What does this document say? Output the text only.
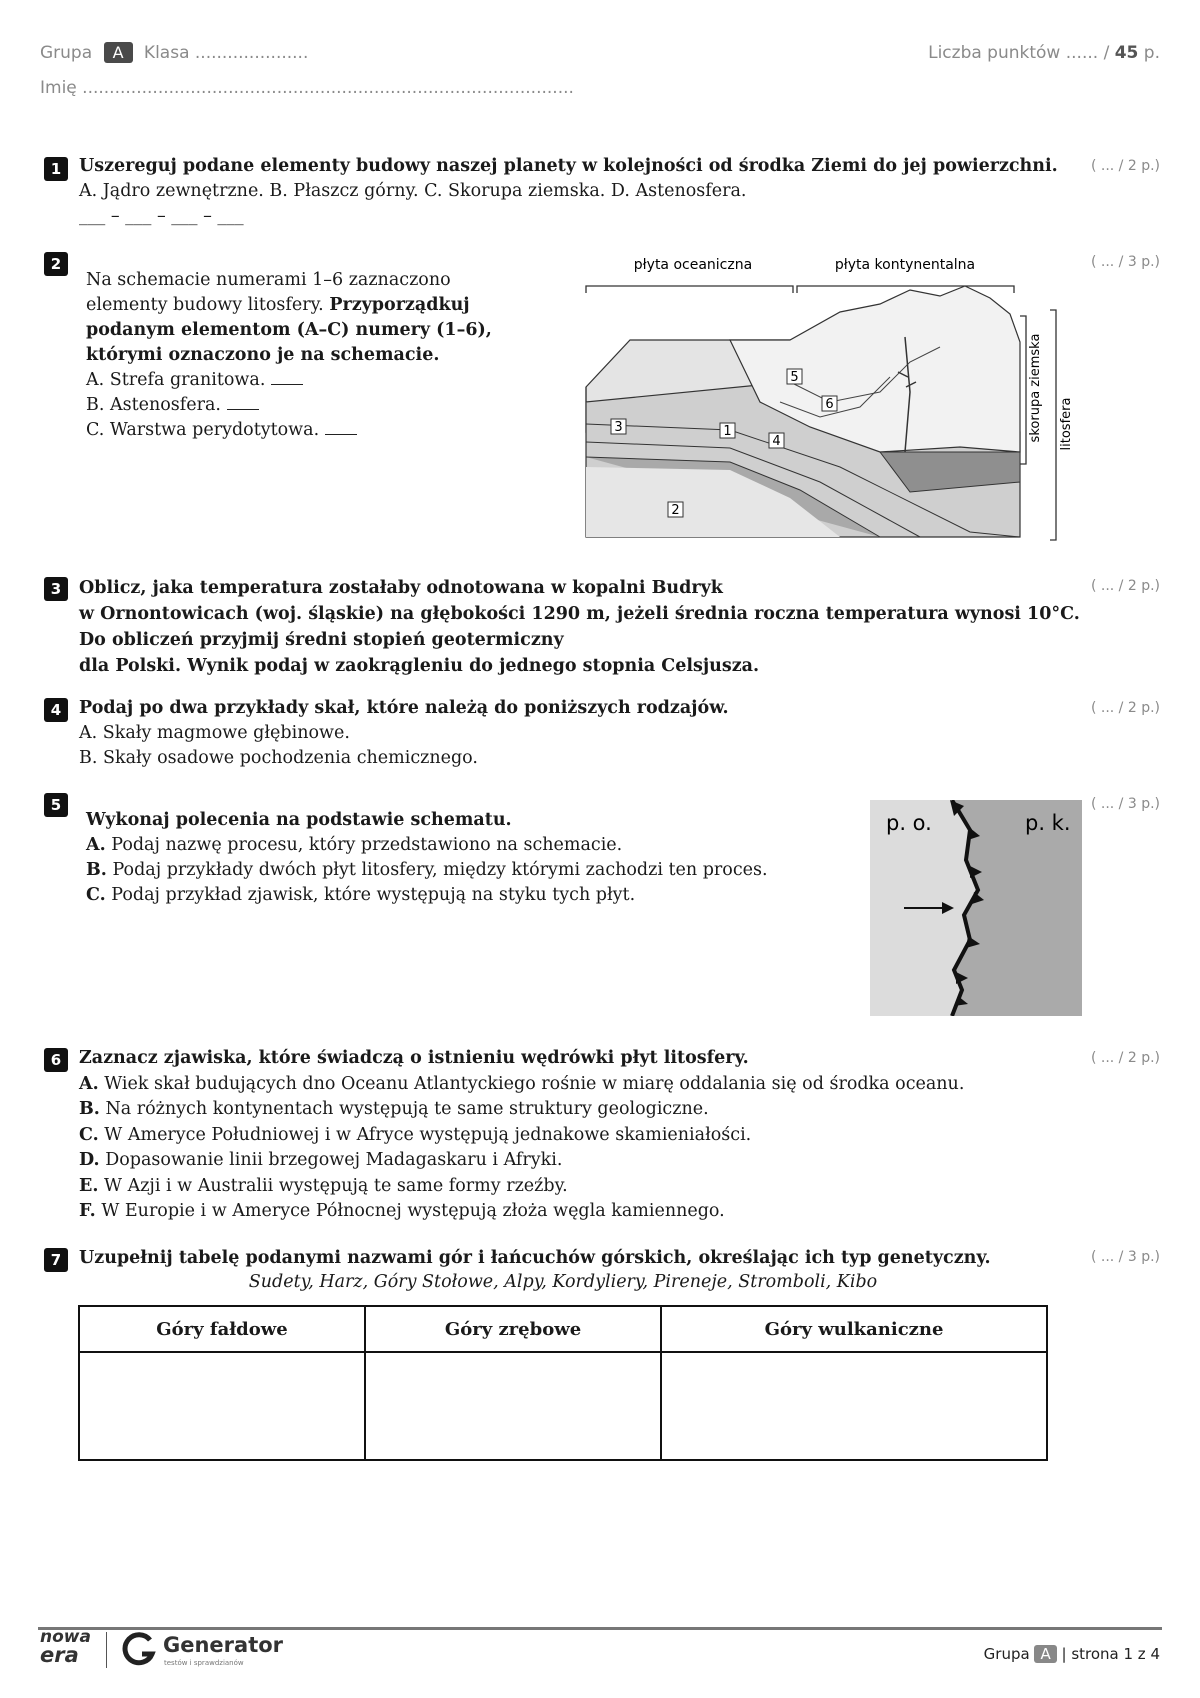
Grupa A Klasa .....................
Imię ...........................................................................................
Liczba punktów ...... / 45 p.
1	( ... / 2 p.)
Uszereguj podane elementy budowy naszej planety w kolejności od środka Ziemi do jej powierzchni.
A. Jądro zewnętrzne. B. Płaszcz górny. C. Skorupa ziemska. D. Astenosfera.
___ – ___ – ___ – ___
2	( ... / 3 p.)
Na schemacie numerami 1–6 zaznaczono
elementy budowy litosfery. Przyporządkuj
podanym elementom (A–C) numery (1–6),
którymi oznaczono je na schemacie.
A. Strefa granitowa.
B. Astenosfera.
C. Warstwa perydotytowa.
płyta oceaniczna	płyta kontynentalna
3	1
4
2
5
6	skorupa ziemska litosfera
3	( ... / 2 p.)
Oblicz, jaka temperatura zostałaby odnotowana w kopalni Budryk
w Ornontowicach (woj. śląskie) na głębokości 1290 m, jeżeli średnia roczna temperatura wynosi 10°C.
Do obliczeń przyjmij średni stopień geotermiczny
dla Polski. Wynik podaj w zaokrągleniu do jednego stopnia Celsjusza.
4	( ... / 2 p.)
Podaj po dwa przykłady skał, które należą do poniższych rodzajów.
A. Skały magmowe głębinowe.
B. Skały osadowe pochodzenia chemicznego.
5	( ... / 3 p.)
Wykonaj polecenia na podstawie schematu.
A. Podaj nazwę procesu, który przedstawiono na schemacie.
B. Podaj przykłady dwóch płyt litosfery, między którymi zachodzi ten proces.
C. Podaj przykład zjawisk, które występują na styku tych płyt.
p. o.	p. k.
6	( ... / 2 p.)
Zaznacz zjawiska, które świadczą o istnieniu wędrówki płyt litosfery.
A. Wiek skał budujących dno Oceanu Atlantyckiego rośnie w miarę oddalania się od środka oceanu.
B. Na różnych kontynentach występują te same struktury geologiczne.
C. W Ameryce Południowej i w Afryce występują jednakowe skamieniałości.
D. Dopasowanie linii brzegowej Madagaskaru i Afryki.
E. W Azji i w Australii występują te same formy rzeźby.
F. W Europie i w Ameryce Północnej występują złoża węgla kamiennego.
7	( ... / 3 p.)
Uzupełnij tabelę podanymi nazwami gór i łańcuchów górskich, określając ich typ genetyczny.
Sudety, Harz, Góry Stołowe, Alpy, Kordyliery, Pireneje, Stromboli, Kibo
Góry fałdowe	Góry zrębowe	Góry wulkaniczne

nowa
era	Generator
testów i sprawdzianów	Grupa A | strona 1 z 4
